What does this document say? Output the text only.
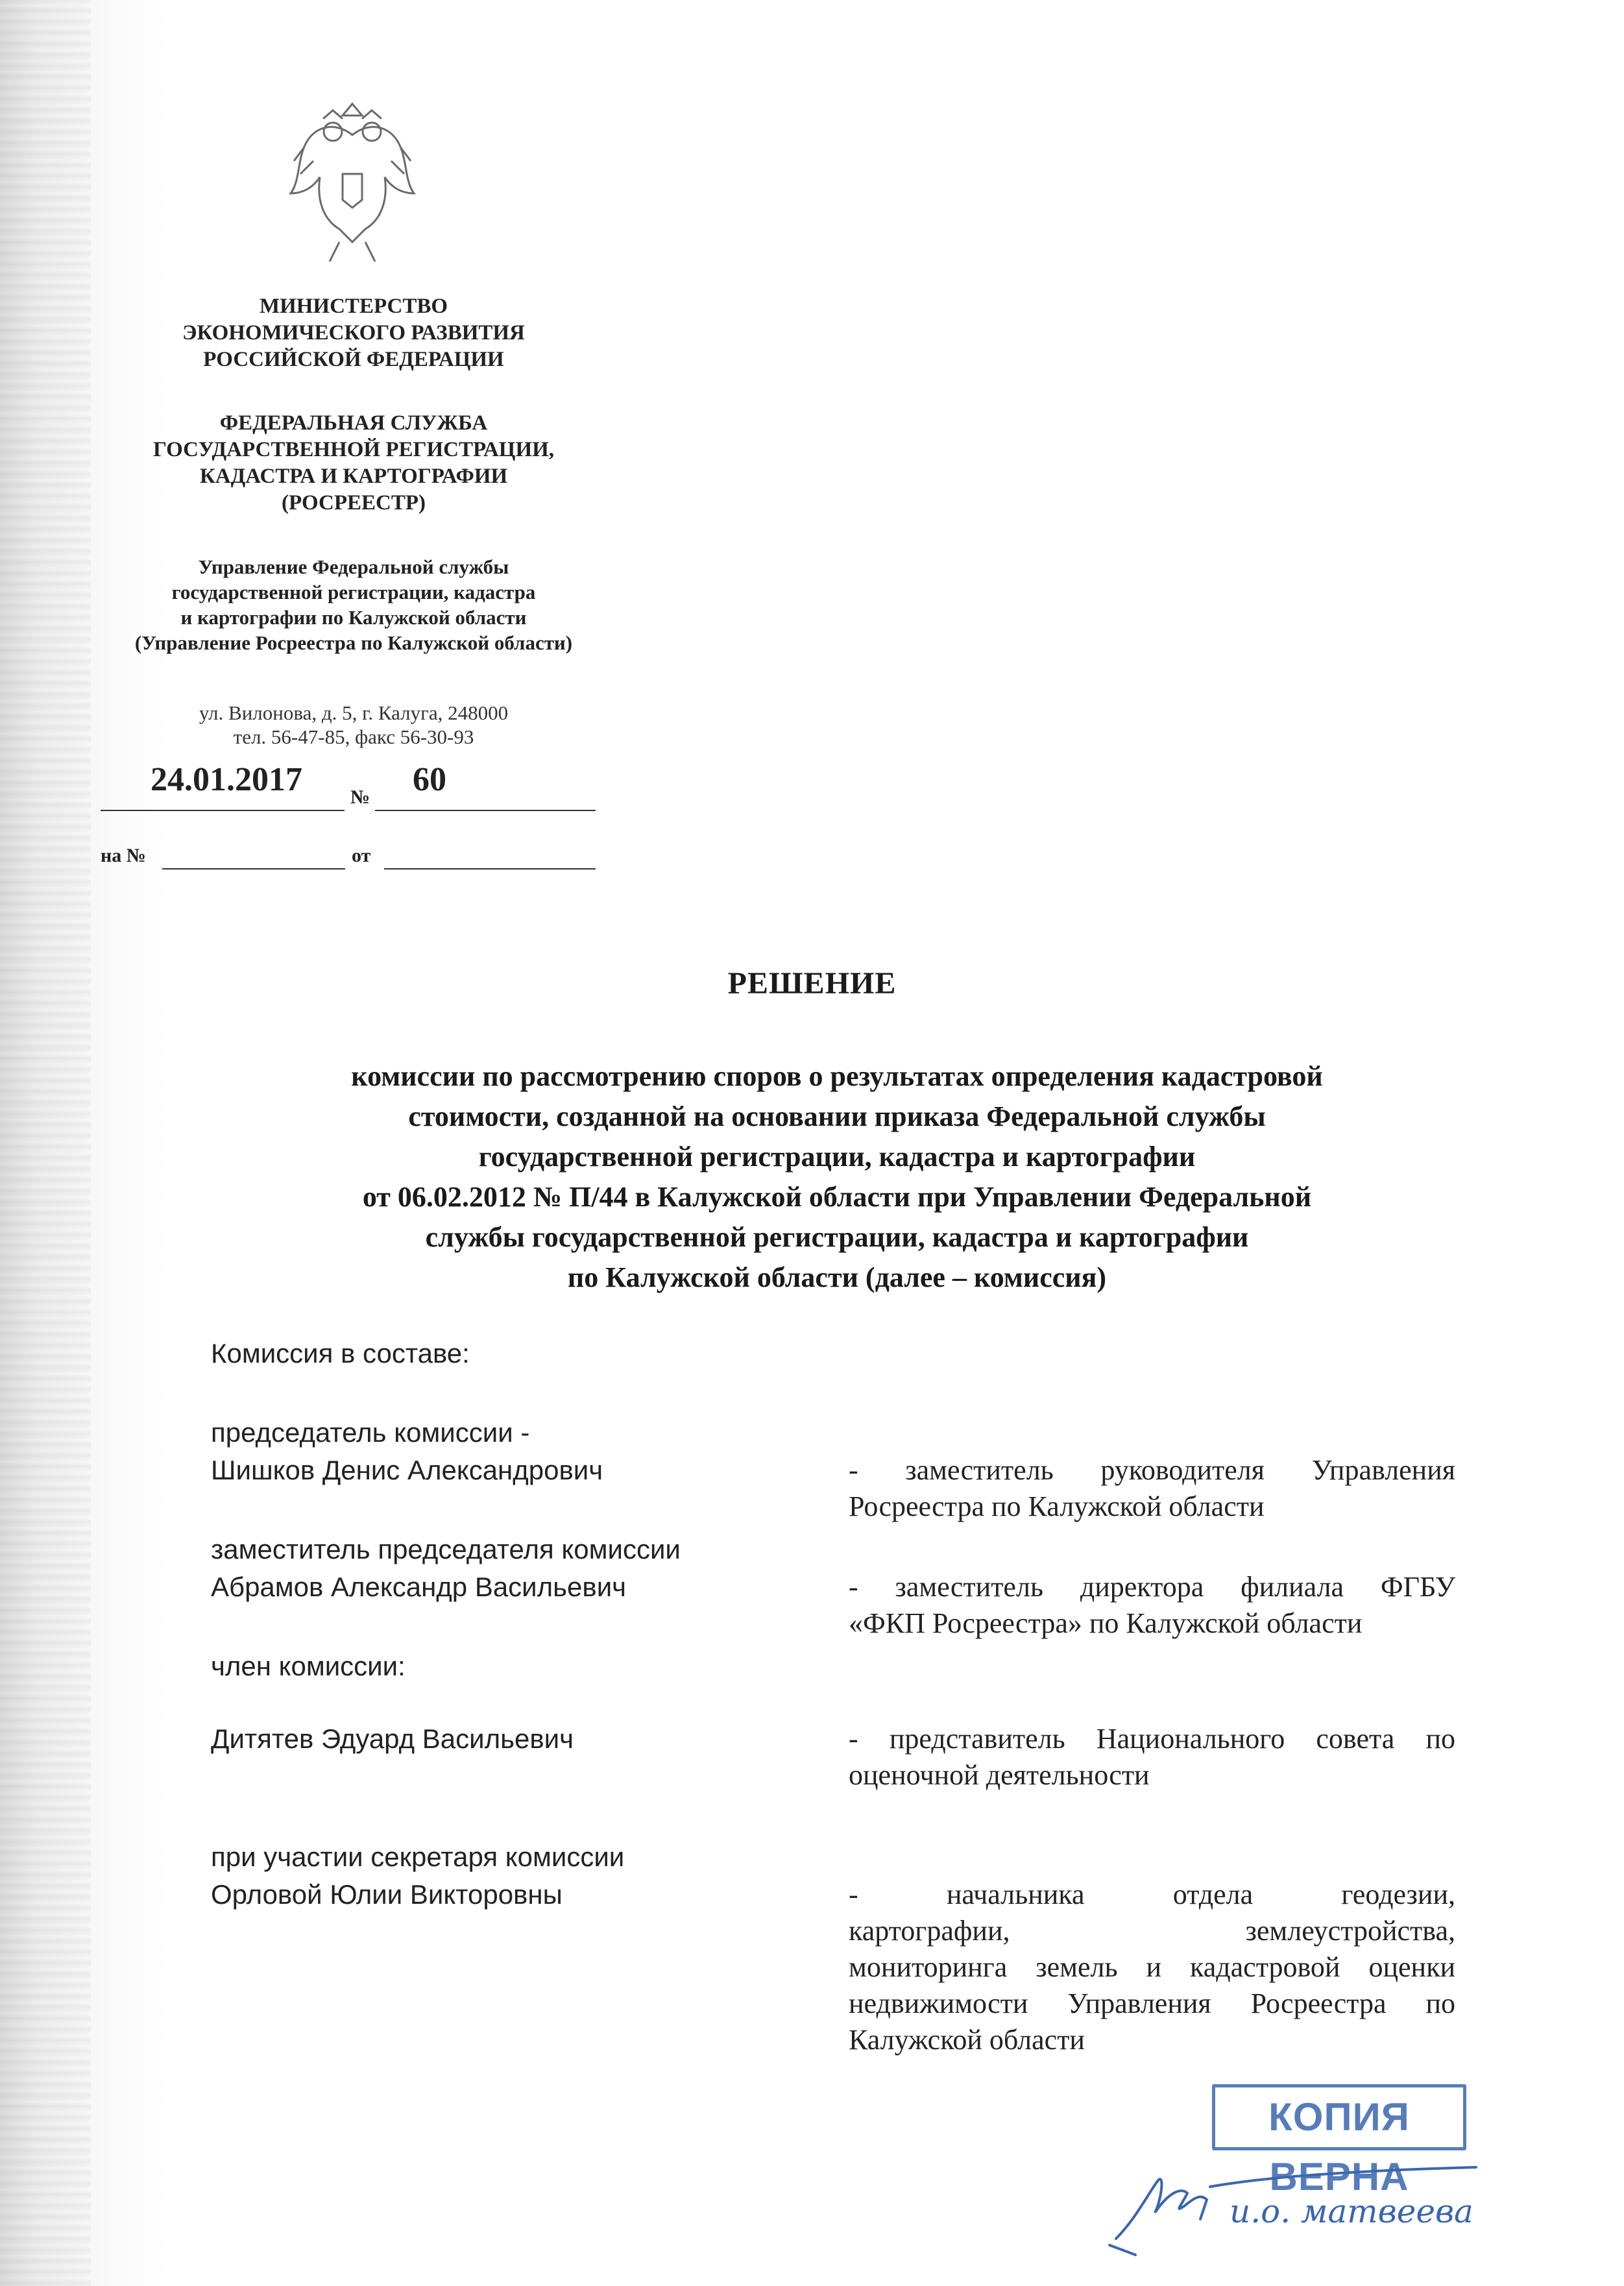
МИНИСТЕРСТВО
ЭКОНОМИЧЕСКОГО РАЗВИТИЯ
РОССИЙСКОЙ ФЕДЕРАЦИИ
ФЕДЕРАЛЬНАЯ СЛУЖБА
ГОСУДАРСТВЕННОЙ РЕГИСТРАЦИИ,
КАДАСТРА И КАРТОГРАФИИ
(РОСРЕЕСТР)
Управление Федеральной службы
государственной регистрации, кадастра
и картографии по Калужской области
(Управление Росреестра по Калужской области)
ул. Вилонова, д. 5, г. Калуга, 248000
тел. 56-47-85, факс 56-30-93
24.01.2017 № 60
на №	от
РЕШЕНИЕ
комиссии по рассмотрению споров о результатах определения кадастровой
стоимости, созданной на основании приказа Федеральной службы
государственной регистрации, кадастра и картографии
от 06.02.2012 № П/44 в Калужской области при Управлении Федеральной
службы государственной регистрации, кадастра и картографии
по Калужской области (далее – комиссия)
Комиссия в составе:
председатель комиссии -
Шишков Денис Александрович	- заместитель руководителя Управления
Росреестра по Калужской области
заместитель председателя комиссии
Абрамов Александр Васильевич	- заместитель директора филиала ФГБУ
«ФКП Росреестра» по Калужской области
член комиссии:
Дитятев Эдуард Васильевич	- представитель Национального совета по
оценочной деятельности
при участии секретаря комиссии
Орловой Юлии Викторовны	-     начальника     отдела     геодезии,
картографии,              землеустройства,
мониторинга земель и кадастровой оценки
недвижимости Управления Росреестра по
Калужской области
КОПИЯ ВЕРНА
и.о. матвеева
